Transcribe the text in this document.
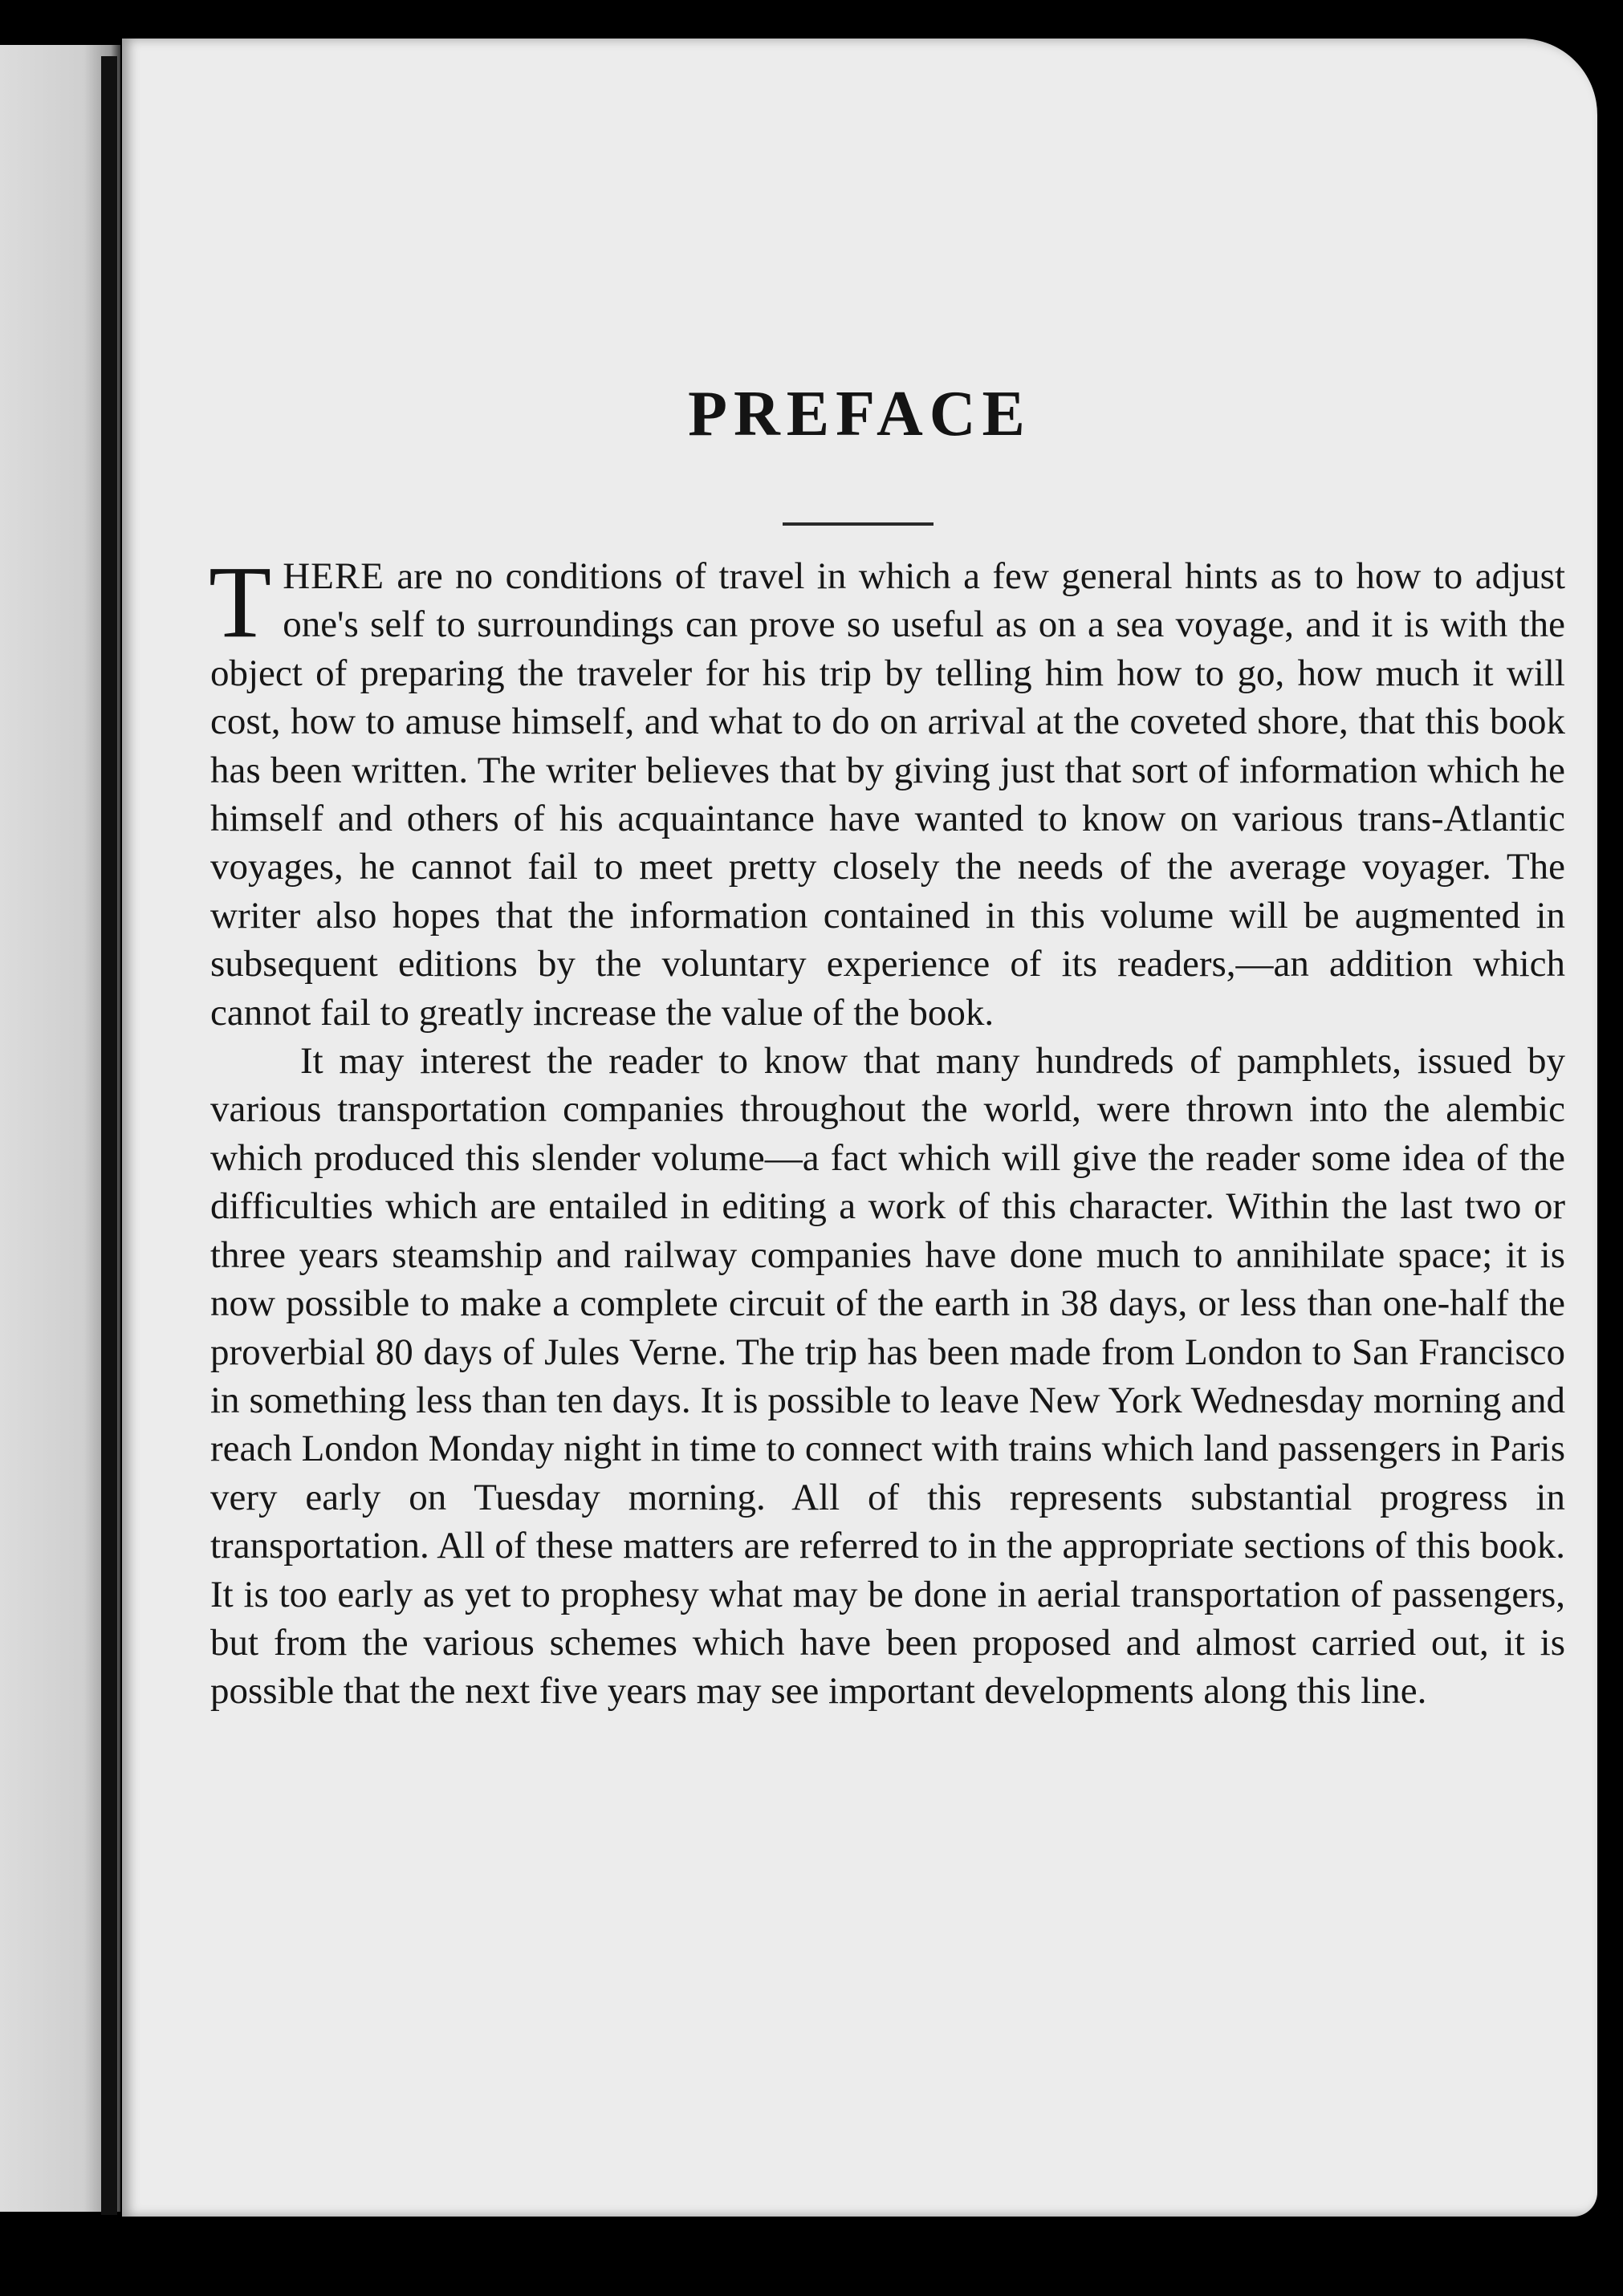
PREFACE

THERE are no conditions of travel in which a few general hints as to how to adjust one's self to surroundings can prove so useful as on a sea voyage, and it is with the object of preparing the traveler for his trip by telling him how to go, how much it will cost, how to amuse himself, and what to do on arrival at the coveted shore, that this book has been written. The writer believes that by giving just that sort of information which he himself and others of his acquaintance have wanted to know on various trans-Atlantic voyages, he cannot fail to meet pretty closely the needs of the average voyager. The writer also hopes that the information contained in this volume will be augmented in subsequent editions by the voluntary experience of its readers,—an addition which cannot fail to greatly increase the value of the book.

It may interest the reader to know that many hundreds of pamphlets, issued by various transportation companies throughout the world, were thrown into the alembic which produced this slender volume—a fact which will give the reader some idea of the difficulties which are entailed in editing a work of this character. Within the last two or three years steamship and railway companies have done much to annihilate space; it is now possible to make a complete circuit of the earth in 38 days, or less than one-half the proverbial 80 days of Jules Verne. The trip has been made from London to San Francisco in something less than ten days. It is possible to leave New York Wednesday morning and reach London Monday night in time to connect with trains which land passengers in Paris very early on Tuesday morning. All of this represents substantial progress in transportation. All of these matters are referred to in the appropriate sections of this book. It is too early as yet to prophesy what may be done in aerial transportation of passengers, but from the various schemes which have been proposed and almost carried out, it is possible that the next five years may see important developments along this line.
